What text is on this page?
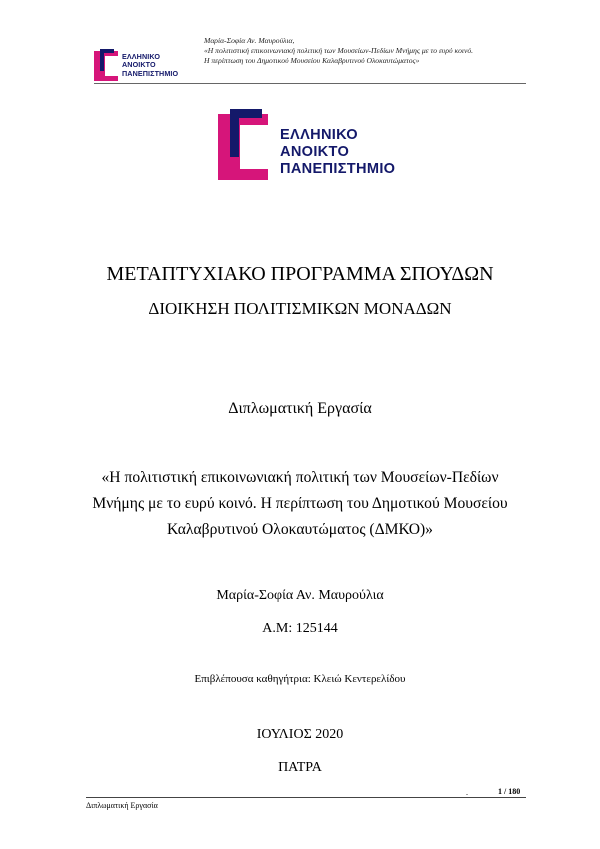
ΕΛΛΗΝΙΚΟ
ΑΝΟΙΚΤΟ
ΠΑΝΕΠΙΣΤΗΜΙΟ
Μαρία-Σοφία Αν. Μαυρούλια,
«Η πολιτιστική επικοινωνιακή πολιτική των Μουσείων-Πεδίων Μνήμης με το ευρύ κοινό.
Η περίπτωση του Δημοτικού Μουσείου Καλαβρυτινού Ολοκαυτώματος»
ΕΛΛΗΝΙΚΟ
ΑΝΟΙΚΤΟ
ΠΑΝΕΠΙΣΤΗΜΙΟ
ΜΕΤΑΠΤΥΧΙΑΚΟ ΠΡΟΓΡΑΜΜΑ ΣΠΟΥΔΩΝ
ΔΙΟΙΚΗΣΗ ΠΟΛΙΤΙΣΜΙΚΩΝ ΜΟΝΑΔΩΝ
Διπλωματική Εργασία
«Η πολιτιστική επικοινωνιακή πολιτική των Μουσείων-Πεδίων
Μνήμης με το ευρύ κοινό. Η περίπτωση του Δημοτικού Μουσείου
Καλαβρυτινού Ολοκαυτώματος (ΔΜΚΟ)»
Μαρία-Σοφία Αν. Μαυρούλια
Α.Μ: 125144
Επιβλέπουσα καθηγήτρια: Κλειώ Κεντερελίδου
ΙΟΥΛΙΟΣ 2020
ΠΑΤΡΑ
.	1 / 180
Διπλωματική Εργασία
